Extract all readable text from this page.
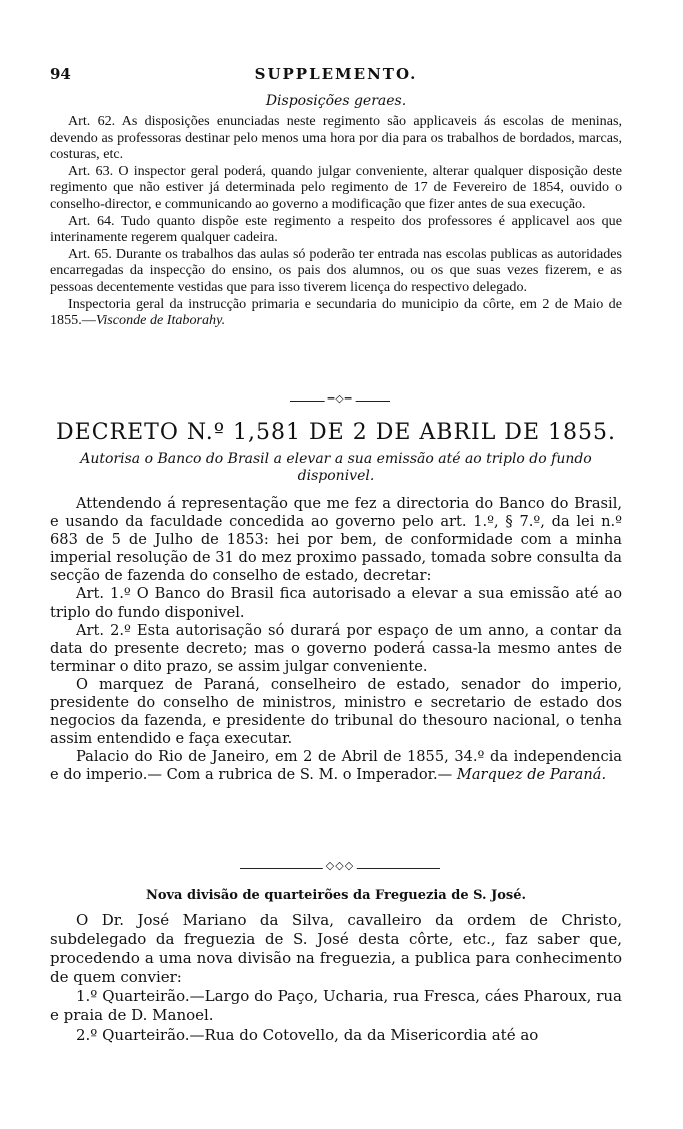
94	SUPPLEMENTO.
Disposições geraes.

Art. 62. As disposições enunciadas neste regimento são applicaveis ás escolas de meninas, devendo as professoras destinar pelo menos uma hora por dia para os trabalhos de bordados, marcas, costuras, etc.

Art. 63. O inspector geral poderá, quando julgar conveniente, alterar qualquer disposição deste regimento que não estiver já determinada pelo regimento de 17 de Fevereiro de 1854, ouvido o conselho-director, e communicando ao governo a modificação que fizer antes de sua execução.

Art. 64. Tudo quanto dispõe este regimento a respeito dos professores é applicavel aos que interinamente regerem qualquer cadeira.

Art. 65. Durante os trabalhos das aulas só poderão ter entrada nas escolas publicas as autoridades encarregadas da inspecção do ensino, os pais dos alumnos, ou os que suas vezes fizerem, e as pessoas decentemente vestidas que para isso tiverem licença do respectivo delegado.

Inspectoria geral da instrucção primaria e secundaria do municipio da côrte, em 2 de Maio de 1855.—Visconde de Itaborahy.

═◇═
DECRETO N.º 1,581 DE 2 DE ABRIL DE 1855.
Autorisa o Banco do Brasil a elevar a sua emissão até ao triplo do fundo disponivel.

Attendendo á representação que me fez a directoria do Banco do Brasil, e usando da faculdade concedida ao governo pelo art. 1.º, § 7.º, da lei n.º 683 de 5 de Julho de 1853: hei por bem, de conformidade com a minha imperial resolução de 31 do mez proximo passado, tomada sobre consulta da secção de fazenda do conselho de estado, decretar:

Art. 1.º O Banco do Brasil fica autorisado a elevar a sua emissão até ao triplo do fundo disponivel.

Art. 2.º Esta autorisação só durará por espaço de um anno, a contar da data do presente decreto; mas o governo poderá cassa-la mesmo antes de terminar o dito prazo, se assim julgar conveniente.

O marquez de Paraná, conselheiro de estado, senador do imperio, presidente do conselho de ministros, ministro e secretario de estado dos negocios da fazenda, e presidente do tribunal do thesouro nacional, o tenha assim entendido e faça executar.

Palacio do Rio de Janeiro, em 2 de Abril de 1855, 34.º da independencia e do imperio.— Com a rubrica de S. M. o Imperador.— Marquez de Paraná.

◇◇◇
Nova divisão de quarteirões da Freguezia de S. José.

O Dr. José Mariano da Silva, cavalleiro da ordem de Christo, subdelegado da freguezia de S. José desta côrte, etc., faz saber que, procedendo a uma nova divisão na freguezia, a publica para conhecimento de quem convier:

1.º Quarteirão.—Largo do Paço, Ucharia, rua Fresca, cáes Pharoux, rua e praia de D. Manoel.

2.º Quarteirão.—Rua do Cotovello, da da Misericordia até ao
